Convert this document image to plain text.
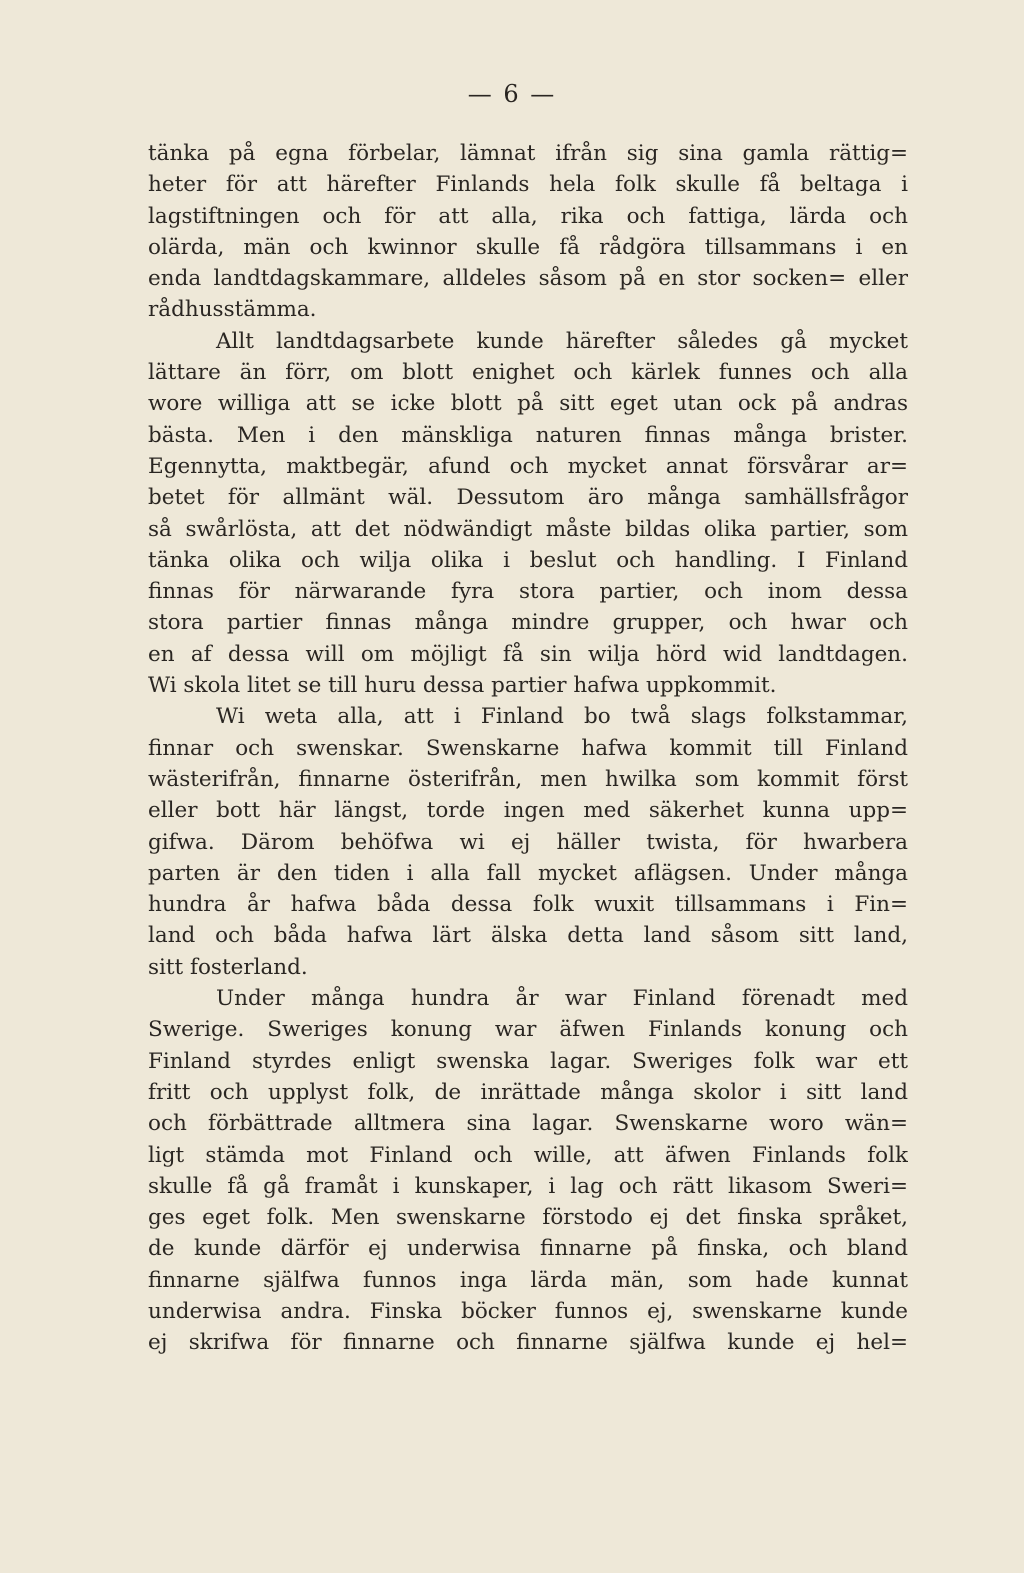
— 6 —
tänka på egna förbelar, lämnat ifrån sig sina gamla rättig=
heter för att härefter Finlands hela folk skulle få beltaga i
lagstiftningen och för att alla, rika och fattiga, lärda och
olärda, män och kwinnor skulle få rådgöra tillsammans i en
enda landtdagskammare, alldeles såsom på en stor socken= eller
rådhusstämma.
Allt landtdagsarbete kunde härefter således gå mycket
lättare än förr, om blott enighet och kärlek funnes och alla
wore williga att se icke blott på sitt eget utan ock på andras
bästa. Men i den mänskliga naturen finnas många brister.
Egennytta, maktbegär, afund och mycket annat försvårar ar=
betet för allmänt wäl. Dessutom äro många samhällsfrågor
så swårlösta, att det nödwändigt måste bildas olika partier, som
tänka olika och wilja olika i beslut och handling. I Finland
finnas för närwarande fyra stora partier, och inom dessa
stora partier finnas många mindre grupper, och hwar och
en af dessa will om möjligt få sin wilja hörd wid landtdagen.
Wi skola litet se till huru dessa partier hafwa uppkommit.
Wi weta alla, att i Finland bo twå slags folkstammar,
finnar och swenskar. Swenskarne hafwa kommit till Finland
wästerifrån, finnarne österifrån, men hwilka som kommit först
eller bott här längst, torde ingen med säkerhet kunna upp=
gifwa. Därom behöfwa wi ej häller twista, för hwarbera
parten är den tiden i alla fall mycket aflägsen. Under många
hundra år hafwa båda dessa folk wuxit tillsammans i Fin=
land och båda hafwa lärt älska detta land såsom sitt land,
sitt fosterland.
Under många hundra år war Finland förenadt med
Swerige. Sweriges konung war äfwen Finlands konung och
Finland styrdes enligt swenska lagar. Sweriges folk war ett
fritt och upplyst folk, de inrättade många skolor i sitt land
och förbättrade alltmera sina lagar. Swenskarne woro wän=
ligt stämda mot Finland och wille, att äfwen Finlands folk
skulle få gå framåt i kunskaper, i lag och rätt likasom Sweri=
ges eget folk. Men swenskarne förstodo ej det finska språket,
de kunde därför ej underwisa finnarne på finska, och bland
finnarne själfwa funnos inga lärda män, som hade kunnat
underwisa andra. Finska böcker funnos ej, swenskarne kunde
ej skrifwa för finnarne och finnarne själfwa kunde ej hel=
